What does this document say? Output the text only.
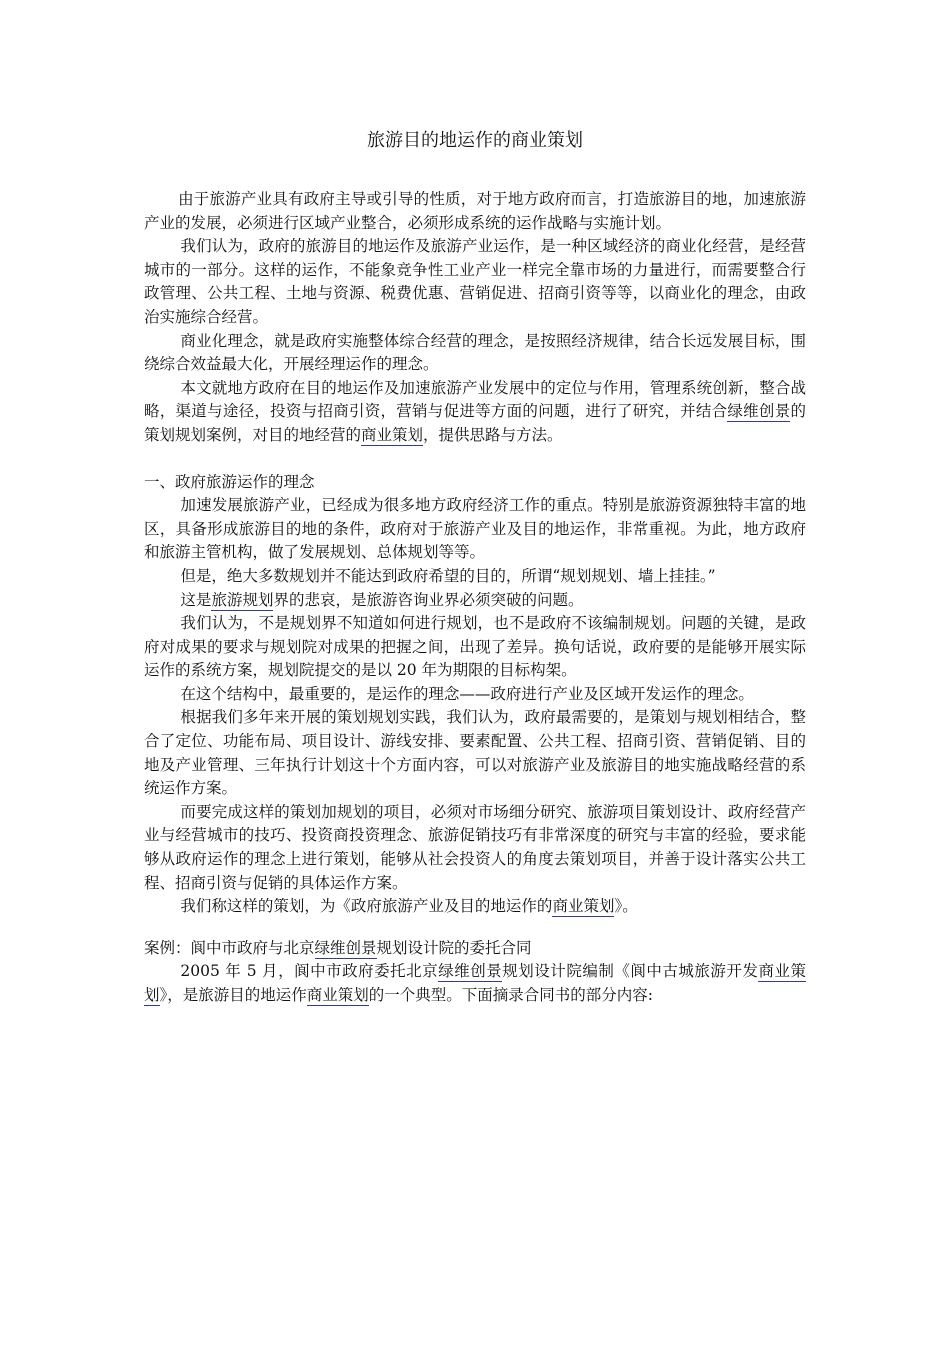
旅游目的地运作的商业策划

由于旅游产业具有政府主导或引导的性质，对于地方政府而言，打造旅游目的地，加速旅游产业的发展，必须进行区域产业整合，必须形成系统的运作战略与实施计划。

我们认为，政府的旅游目的地运作及旅游产业运作，是一种区域经济的商业化经营，是经营城市的一部分。这样的运作，不能象竞争性工业产业一样完全靠市场的力量进行，而需要整合行政管理、公共工程、土地与资源、税费优惠、营销促进、招商引资等等，以商业化的理念，由政治实施综合经营。

商业化理念，就是政府实施整体综合经营的理念，是按照经济规律，结合长远发展目标，围绕综合效益最大化，开展经理运作的理念。

本文就地方政府在目的地运作及加速旅游产业发展中的定位与作用，管理系统创新，整合战略，渠道与途径，投资与招商引资，营销与促进等方面的问题，进行了研究，并结合绿维创景的策划规划案例，对目的地经营的商业策划，提供思路与方法。

一、政府旅游运作的理念

加速发展旅游产业，已经成为很多地方政府经济工作的重点。特别是旅游资源独特丰富的地区，具备形成旅游目的地的条件，政府对于旅游产业及目的地运作，非常重视。为此，地方政府和旅游主管机构，做了发展规划、总体规划等等。

但是，绝大多数规划并不能达到政府希望的目的，所谓“规划规划、墙上挂挂。”

这是旅游规划界的悲哀，是旅游咨询业界必须突破的问题。

我们认为，不是规划界不知道如何进行规划，也不是政府不该编制规划。问题的关键，是政府对成果的要求与规划院对成果的把握之间，出现了差异。换句话说，政府要的是能够开展实际运作的系统方案，规划院提交的是以 20 年为期限的目标构架。

在这个结构中，最重要的，是运作的理念——政府进行产业及区域开发运作的理念。

根据我们多年来开展的策划规划实践，我们认为，政府最需要的，是策划与规划相结合，整合了定位、功能布局、项目设计、游线安排、要素配置、公共工程、招商引资、营销促销、目的地及产业管理、三年执行计划这十个方面内容，可以对旅游产业及旅游目的地实施战略经营的系统运作方案。

而要完成这样的策划加规划的项目，必须对市场细分研究、旅游项目策划设计、政府经营产业与经营城市的技巧、投资商投资理念、旅游促销技巧有非常深度的研究与丰富的经验，要求能够从政府运作的理念上进行策划，能够从社会投资人的角度去策划项目，并善于设计落实公共工程、招商引资与促销的具体运作方案。

我们称这样的策划，为《政府旅游产业及目的地运作的商业策划》。

案例：阆中市政府与北京绿维创景规划设计院的委托合同

2005 年 5 月，阆中市政府委托北京绿维创景规划设计院编制《阆中古城旅游开发商业策划》，是旅游目的地运作商业策划的一个典型。下面摘录合同书的部分内容:
